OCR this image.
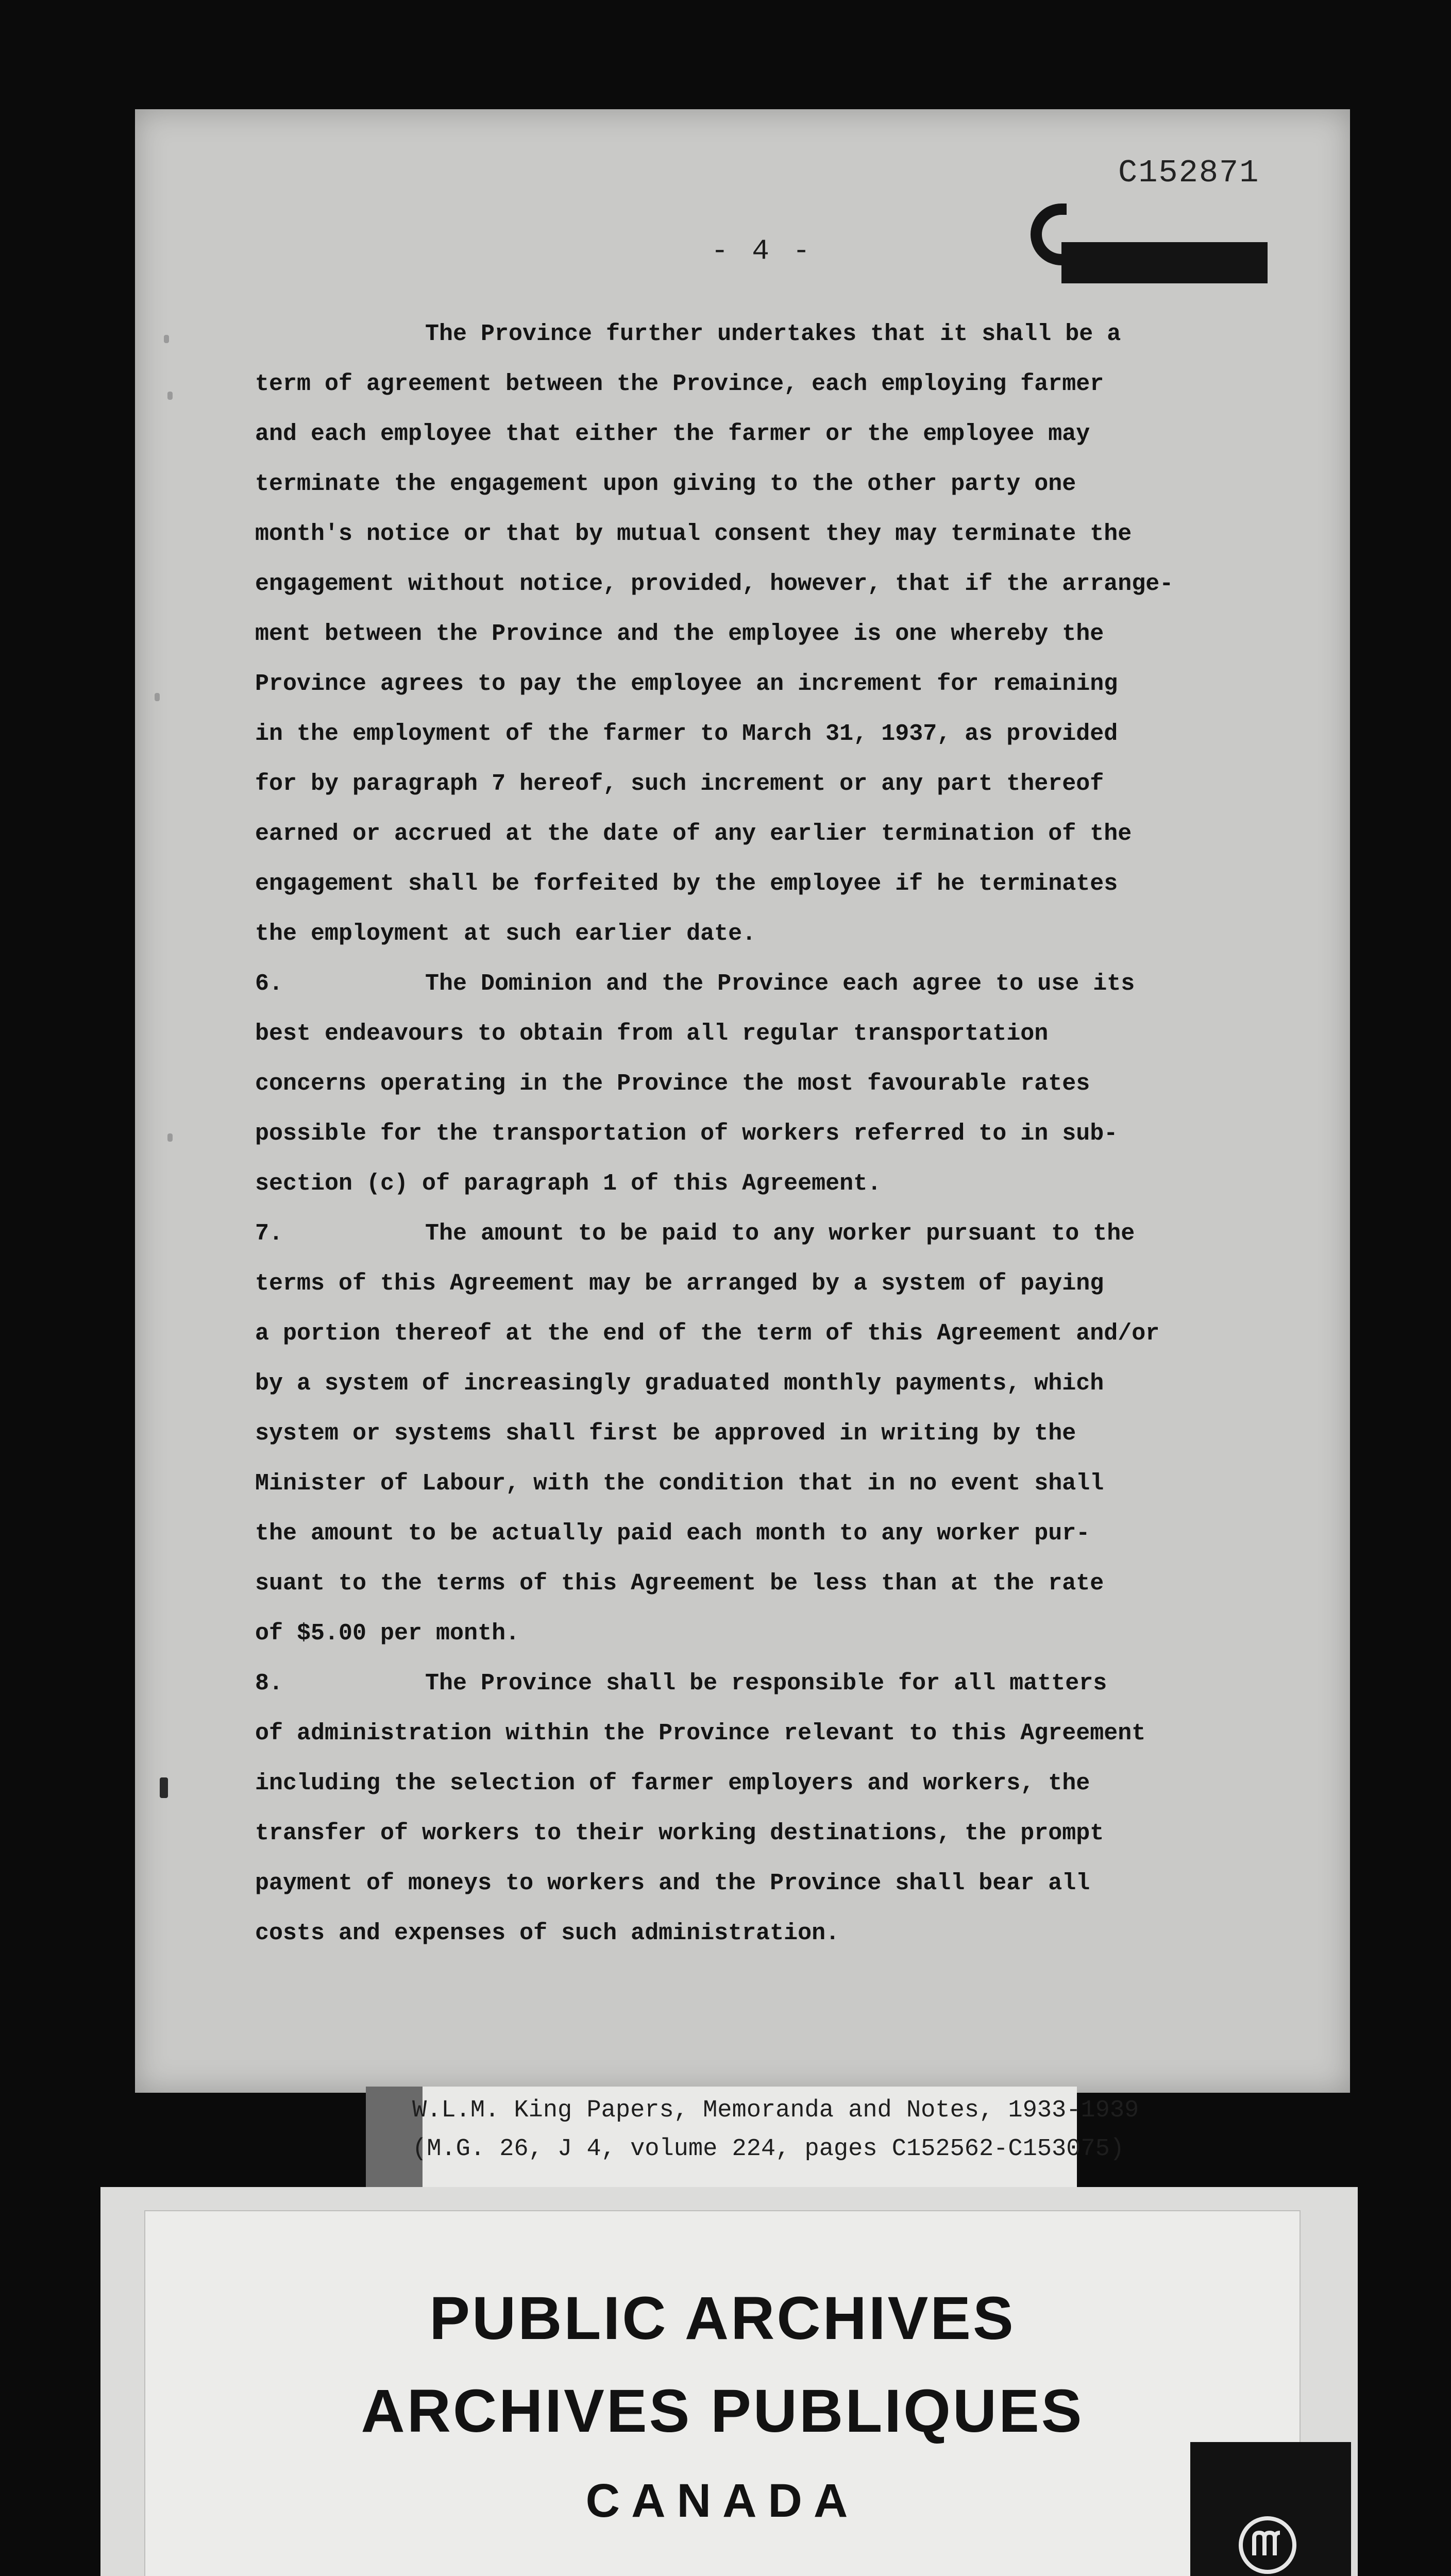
C152871
- 4 -
The Province further undertakes that it shall be a
term of agreement between the Province, each employing farmer
and each employee that either the farmer or the employee may
terminate the engagement upon giving to the other party one
month's notice or that by mutual consent they may terminate the
engagement without notice, provided, however, that if the arrange-
ment between the Province and the employee is one whereby the
Province agrees to pay the employee an increment for remaining
in the employment of the farmer to March 31, 1937, as provided
for by paragraph 7 hereof, such increment or any part thereof
earned or accrued at the date of any earlier termination of the
engagement shall be forfeited by the employee if he terminates
the employment at such earlier date.
6.	The Dominion and the Province each agree to use its
best endeavours to obtain from all regular transportation
concerns operating in the Province the most favourable rates
possible for the transportation of workers referred to in sub-
section (c) of paragraph 1 of this Agreement.
7.	The amount to be paid to any worker pursuant to the
terms of this Agreement may be arranged by a system of paying
a portion thereof at the end of the term of this Agreement and/or
by a system of increasingly graduated monthly payments, which
system or systems shall first be approved in writing by the
Minister of Labour, with the condition that in no event shall
the amount to be actually paid each month to any worker pur-
suant to the terms of this Agreement be less than at the rate
of $5.00 per month.
8.	The Province shall be responsible for all matters
of administration within the Province relevant to this Agreement
including the selection of farmer employers and workers, the
transfer of workers to their working destinations, the prompt
payment of moneys to workers and the Province shall bear all
costs and expenses of such administration.
W.L.M. King Papers, Memoranda and Notes, 1933-1939
(M.G. 26, J 4, volume 224, pages C152562-C153075)
PUBLIC ARCHIVES
ARCHIVES PUBLIQUES
CANADA
